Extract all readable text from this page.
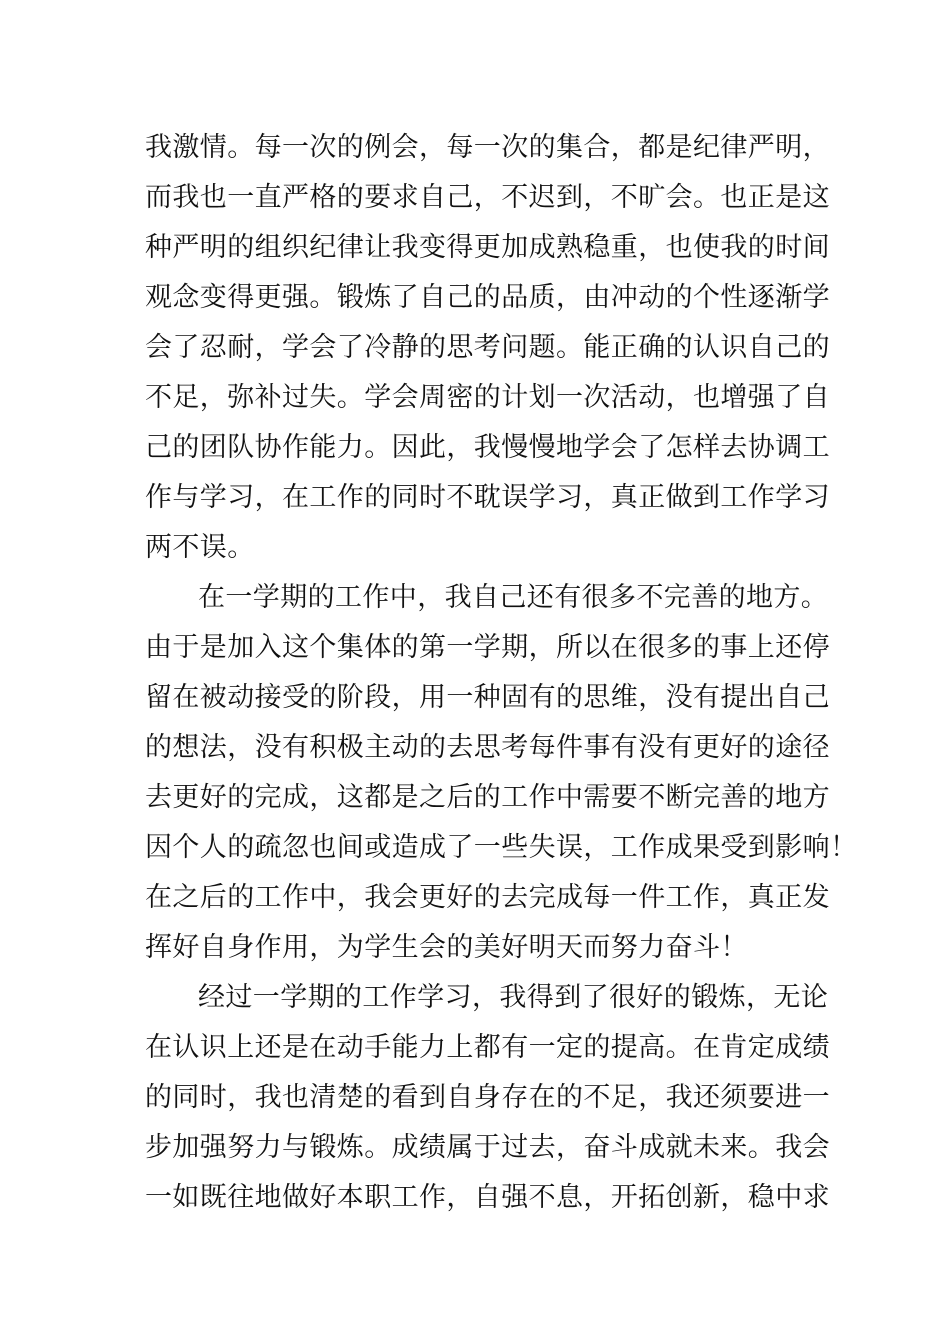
我激情。每一次的例会，每一次的集合，都是纪律严明，
而我也一直严格的要求自己，不迟到，不旷会。也正是这
种严明的组织纪律让我变得更加成熟稳重，也使我的时间
观念变得更强。锻炼了自己的品质，由冲动的个性逐渐学
会了忍耐，学会了冷静的思考问题。能正确的认识自己的
不足，弥补过失。学会周密的计划一次活动，也增强了自
己的团队协作能力。因此，我慢慢地学会了怎样去协调工
作与学习，在工作的同时不耽误学习，真正做到工作学习
两不误。
在一学期的工作中，我自己还有很多不完善的地方。
由于是加入这个集体的第一学期，所以在很多的事上还停
留在被动接受的阶段，用一种固有的思维，没有提出自己
的想法，没有积极主动的去思考每件事有没有更好的途径
去更好的完成，这都是之后的工作中需要不断完善的地方
因个人的疏忽也间或造成了一些失误，工作成果受到影响！
在之后的工作中，我会更好的去完成每一件工作，真正发
挥好自身作用，为学生会的美好明天而努力奋斗！
经过一学期的工作学习，我得到了很好的锻炼，无论
在认识上还是在动手能力上都有一定的提高。在肯定成绩
的同时，我也清楚的看到自身存在的不足，我还须要进一
步加强努力与锻炼。成绩属于过去，奋斗成就未来。我会
一如既往地做好本职工作，自强不息，开拓创新，稳中求
